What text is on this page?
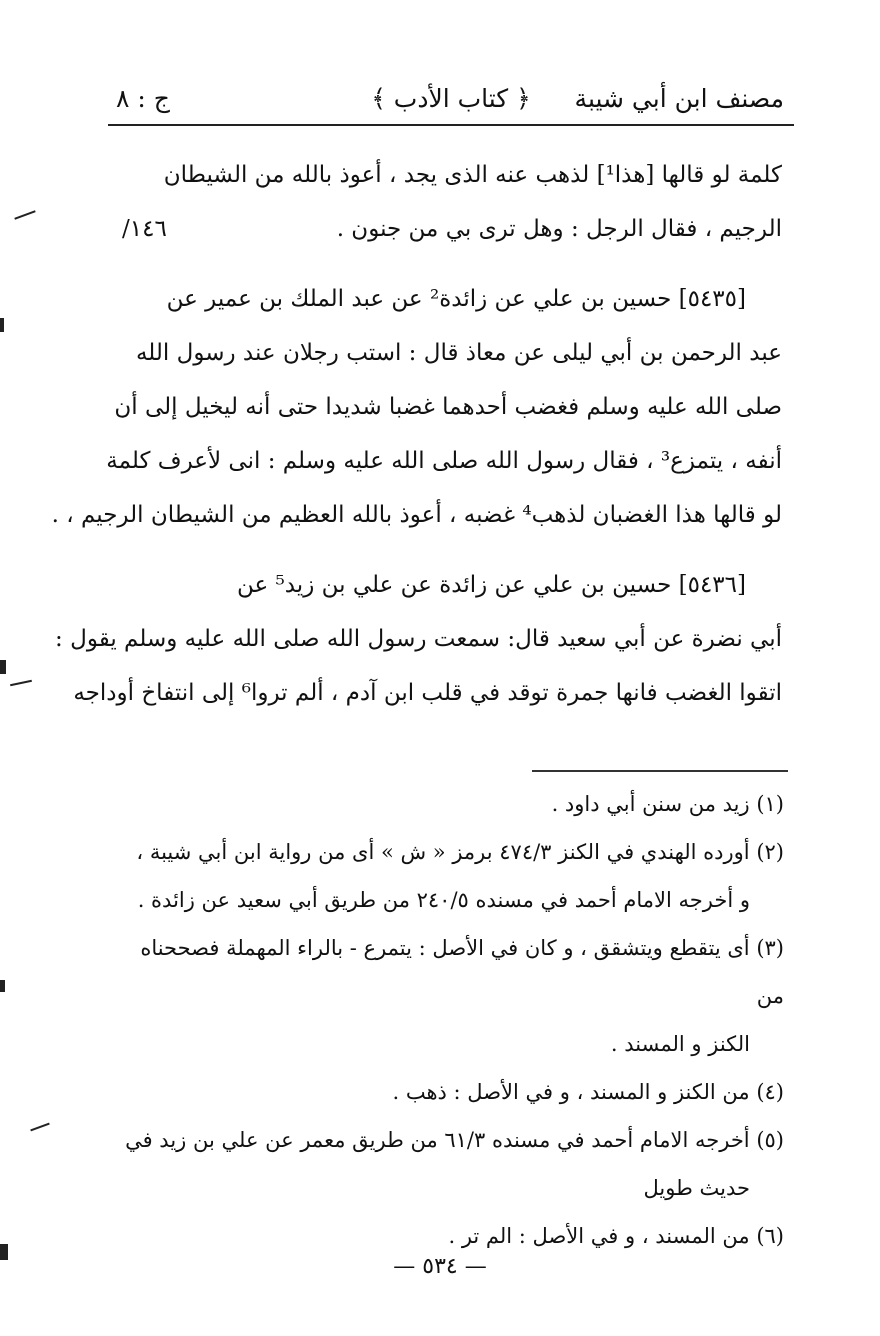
مصنف ابن أبي شيبة
﴿ كتاب الأدب ﴾
ج : ٨
كلمة لو قالها [هذا¹] لذهب عنه الذى يجد ، أعوذ بالله من الشيطان
١٤٦/	الرجيم ، فقال الرجل : وهل ترى بي من جنون .
[٥٤٣٥] حسين بن علي عن زائدة² عن عبد الملك بن عمير عن
عبد الرحمن بن أبي ليلى عن معاذ قال : استب رجلان عند رسول الله
صلى الله عليه وسلم فغضب أحدهما غضبا شديدا حتى أنه ليخيل إلى أن
أنفه ، يتمزع³ ، فقال رسول الله صلى الله عليه وسلم : انى لأعرف كلمة
لو قالها هذا الغضبان لذهب⁴ غضبه ، أعوذ بالله العظيم من الشيطان الرجيم ، .
[٥٤٣٦] حسين بن علي عن زائدة عن علي بن زيد⁵ عن
أبي نضرة عن أبي سعيد قال: سمعت رسول الله صلى الله عليه وسلم يقول :
اتقوا الغضب فانها جمرة توقد في قلب ابن آدم ، ألم تروا⁶ إلى انتفاخ أوداجه
(١) زيد من سنن أبي داود .
(٢) أورده الهندي في الكنز ٤٧٤/٣ برمز « ش » أى من رواية ابن أبي شيبة ،
و أخرجه الامام أحمد في مسنده ٢٤٠/٥ من طريق أبي سعيد عن زائدة .
(٣) أى يتقطع ويتشقق ، و كان في الأصل : يتمرع - بالراء المهملة فصححناه من
الكنز و المسند .
(٤) من الكنز و المسند ، و في الأصل : ذهب .
(٥) أخرجه الامام أحمد في مسنده ٦١/٣ من طريق معمر عن علي بن زيد في
حديث طويل
(٦) من المسند ، و في الأصل : الم تر .
— ٥٣٤ —
